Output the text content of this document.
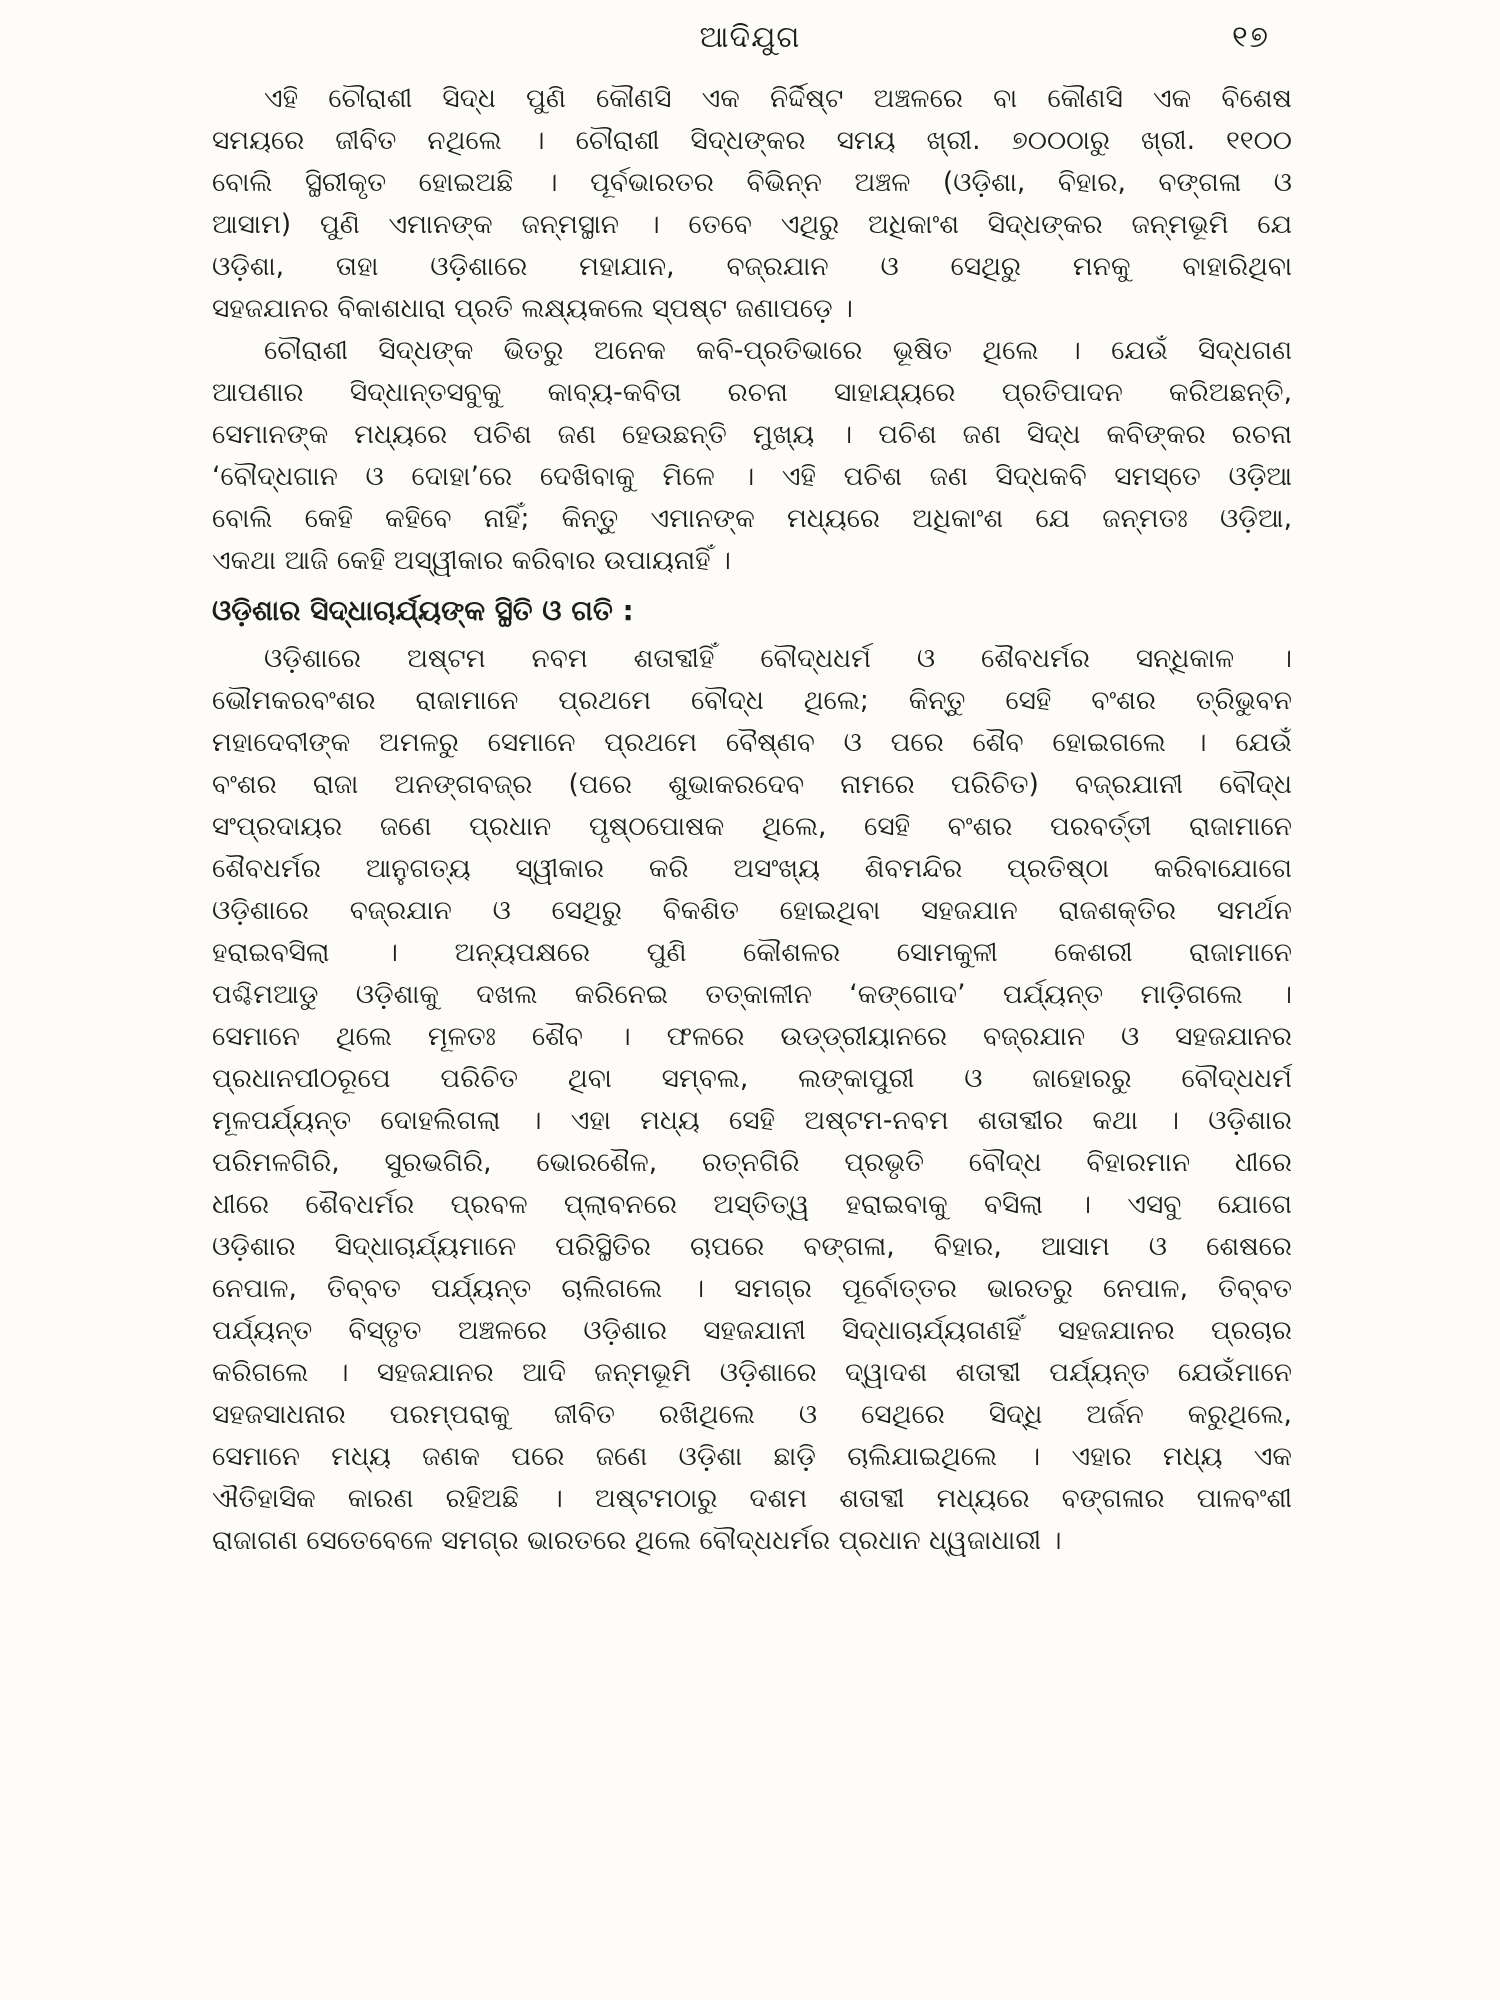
ଆଦିଯୁଗ	୧୭
ଏହି ଚୌରାଶୀ ସିଦ୍ଧ ପୁଣି କୌଣସି ଏକ ନିର୍ଦ୍ଦିଷ୍ଟ ଅଞ୍ଚଳରେ ବା କୌଣସି ଏକ ବିଶେଷ
ସମୟରେ ଜୀବିତ ନଥିଲେ । ଚୌରାଶୀ ସିଦ୍ଧଙ୍କର ସମୟ ଖ୍ରୀ. ୭୦୦ଠାରୁ ଖ୍ରୀ. ୧୧୦୦
ବୋଲି ସ୍ଥିରୀକୃତ ହୋଇଅଛି । ପୂର୍ବଭାରତର ବିଭିନ୍ନ ଅଞ୍ଚଳ (ଓଡ଼ିଶା, ବିହାର, ବଙ୍ଗଳା ଓ
ଆସାମ) ପୁଣି ଏମାନଙ୍କ ଜନ୍ମସ୍ଥାନ । ତେବେ ଏଥିରୁ ଅଧିକାଂଶ ସିଦ୍ଧଙ୍କର ଜନ୍ମଭୂମି ଯେ
ଓଡ଼ିଶା, ତାହା ଓଡ଼ିଶାରେ ମହାଯାନ, ବଜ୍ରଯାନ ଓ ସେଥିରୁ ମନକୁ ବାହାରିଥିବା
ସହଜଯାନର ବିକାଶଧାରା ପ୍ରତି ଲକ୍ଷ୍ୟକଲେ ସ୍ପଷ୍ଟ ଜଣାପଡ଼େ ।
ଚୌରାଶୀ ସିଦ୍ଧଙ୍କ ଭିତରୁ ଅନେକ କବି-ପ୍ରତିଭାରେ ଭୂଷିତ ଥିଲେ । ଯେଉଁ ସିଦ୍ଧଗଣ
ଆପଣାର ସିଦ୍ଧାନ୍ତସବୁକୁ କାବ୍ୟ-କବିତା ରଚନା ସାହାଯ୍ୟରେ ପ୍ରତିପାଦନ କରିଅଛନ୍ତି,
ସେମାନଙ୍କ ମଧ୍ୟରେ ପଚିଶ ଜଣ ହେଉଛନ୍ତି ମୁଖ୍ୟ । ପଚିଶ ଜଣ ସିଦ୍ଧ କବିଙ୍କର ରଚନା
‘ବୌଦ୍ଧଗାନ ଓ ଦୋହା’ରେ ଦେଖିବାକୁ ମିଳେ । ଏହି ପଚିଶ ଜଣ ସିଦ୍ଧକବି ସମସ୍ତେ ଓଡ଼ିଆ
ବୋଲି କେହି କହିବେ ନାହିଁ; କିନ୍ତୁ ଏମାନଙ୍କ ମଧ୍ୟରେ ଅଧିକାଂଶ ଯେ ଜନ୍ମତଃ ଓଡ଼ିଆ,
ଏକଥା ଆଜି କେହି ଅସ୍ୱୀକାର କରିବାର ଉପାୟନାହିଁ ।
ଓଡ଼ିଶାର ସିଦ୍ଧାଚାର୍ଯ୍ୟଙ୍କ ସ୍ଥିତି ଓ ଗତି :
ଓଡ଼ିଶାରେ ଅଷ୍ଟମ ନବମ ଶତାବ୍ଦୀହିଁ ବୌଦ୍ଧଧର୍ମ ଓ ଶୈବଧର୍ମର ସନ୍ଧିକାଳ ।
ଭୌମକରବଂଶର ରାଜାମାନେ ପ୍ରଥମେ ବୌଦ୍ଧ ଥିଲେ; କିନ୍ତୁ ସେହି ବଂଶର ତ୍ରିଭୁବନ
ମହାଦେବୀଙ୍କ ଅମଳରୁ ସେମାନେ ପ୍ରଥମେ ବୈଷ୍ଣବ ଓ ପରେ ଶୈବ ହୋଇଗଲେ । ଯେଉଁ
ବଂଶର ରାଜା ଅନଙ୍ଗବଜ୍ର (ପରେ ଶୁଭାକରଦେବ ନାମରେ ପରିଚିତ) ବଜ୍ରଯାନୀ ବୌଦ୍ଧ
ସଂପ୍ରଦାୟର ଜଣେ ପ୍ରଧାନ ପୃଷ୍ଠପୋଷକ ଥିଲେ, ସେହି ବଂଶର ପରବର୍ତ୍ତୀ ରାଜାମାନେ
ଶୈବଧର୍ମର ଆନୁଗତ୍ୟ ସ୍ୱୀକାର କରି ଅସଂଖ୍ୟ ଶିବମନ୍ଦିର ପ୍ରତିଷ୍ଠା କରିବାଯୋଗେ
ଓଡ଼ିଶାରେ ବଜ୍ରଯାନ ଓ ସେଥିରୁ ବିକଶିତ ହୋଇଥିବା ସହଜଯାନ ରାଜଶକ୍ତିର ସମର୍ଥନ
ହରାଇବସିଲା । ଅନ୍ୟପକ୍ଷରେ ପୁଣି କୌଶଳର ସୋମକୁଳୀ କେଶରୀ ରାଜାମାନେ
ପଶ୍ଚିମଆଡୁ ଓଡ଼ିଶାକୁ ଦଖଲ କରିନେଇ ତତ୍‌କାଳୀନ ‘କଙ୍ଗୋଦ’ ପର୍ଯ୍ୟନ୍ତ ମାଡ଼ିଗଲେ ।
ସେମାନେ ଥିଲେ ମୂଳତଃ ଶୈବ । ଫଳରେ ଉଡ୍‌ଡ୍ରୀୟାନରେ ବଜ୍ରଯାନ ଓ ସହଜଯାନର
ପ୍ରଧାନପୀଠରୂପେ ପରିଚିତ ଥିବା ସମ୍ବଲ, ଲଙ୍କାପୁରୀ ଓ ଜାହୋରରୁ ବୌଦ୍ଧଧର୍ମ
ମୂଳପର୍ଯ୍ୟନ୍ତ ଦୋହଲିଗଲା । ଏହା ମଧ୍ୟ ସେହି ଅଷ୍ଟମ-ନବମ ଶତାବ୍ଦୀର କଥା । ଓଡ଼ିଶାର
ପରିମଳଗିରି, ସୁରଭଗିରି, ଭୋରଶୈଳ, ରତ୍ନଗିରି ପ୍ରଭୃତି ବୌଦ୍ଧ ବିହାରମାନ ଧୀରେ
ଧୀରେ ଶୈବଧର୍ମର ପ୍ରବଳ ପ୍ଲାବନରେ ଅସ୍ତିତ୍ୱ ହରାଇବାକୁ ବସିଲା । ଏସବୁ ଯୋଗେ
ଓଡ଼ିଶାର ସିଦ୍ଧାଚାର୍ଯ୍ୟମାନେ ପରିସ୍ଥିତିର ଚାପରେ ବଙ୍ଗଳା, ବିହାର, ଆସାମ ଓ ଶେଷରେ
ନେପାଳ, ତିବ୍ବତ ପର୍ଯ୍ୟନ୍ତ ଚାଲିଗଲେ । ସମଗ୍ର ପୂର୍ବୋତ୍ତର ଭାରତରୁ ନେପାଳ, ତିବ୍ବତ
ପର୍ଯ୍ୟନ୍ତ ବିସ୍ତୃତ ଅଞ୍ଚଳରେ ଓଡ଼ିଶାର ସହଜଯାନୀ ସିଦ୍ଧାଚାର୍ଯ୍ୟଗଣହିଁ ସହଜଯାନର ପ୍ରଚାର
କରିଗଲେ । ସହଜଯାନର ଆଦି ଜନ୍ମଭୂମି ଓଡ଼ିଶାରେ ଦ୍ୱାଦଶ ଶତାବ୍ଦୀ ପର୍ଯ୍ୟନ୍ତ ଯେଉଁମାନେ
ସହଜସାଧନାର ପରମ୍ପରାକୁ ଜୀବିତ ରଖିଥିଲେ ଓ ସେଥିରେ ସିଦ୍ଧି ଅର୍ଜନ କରୁଥିଲେ,
ସେମାନେ ମଧ୍ୟ ଜଣକ ପରେ ଜଣେ ଓଡ଼ିଶା ଛାଡ଼ି ଚାଲିଯାଇଥିଲେ । ଏହାର ମଧ୍ୟ ଏକ
ଐତିହାସିକ କାରଣ ରହିଅଛି । ଅଷ୍ଟମଠାରୁ ଦଶମ ଶତାବ୍ଦୀ ମଧ୍ୟରେ ବଙ୍ଗଳାର ପାଳବଂଶୀ
ରାଜାଗଣ ସେତେବେଳେ ସମଗ୍ର ଭାରତରେ ଥିଲେ ବୌଦ୍ଧଧର୍ମର ପ୍ରଧାନ ଧ୍ୱଜାଧାରୀ ।
